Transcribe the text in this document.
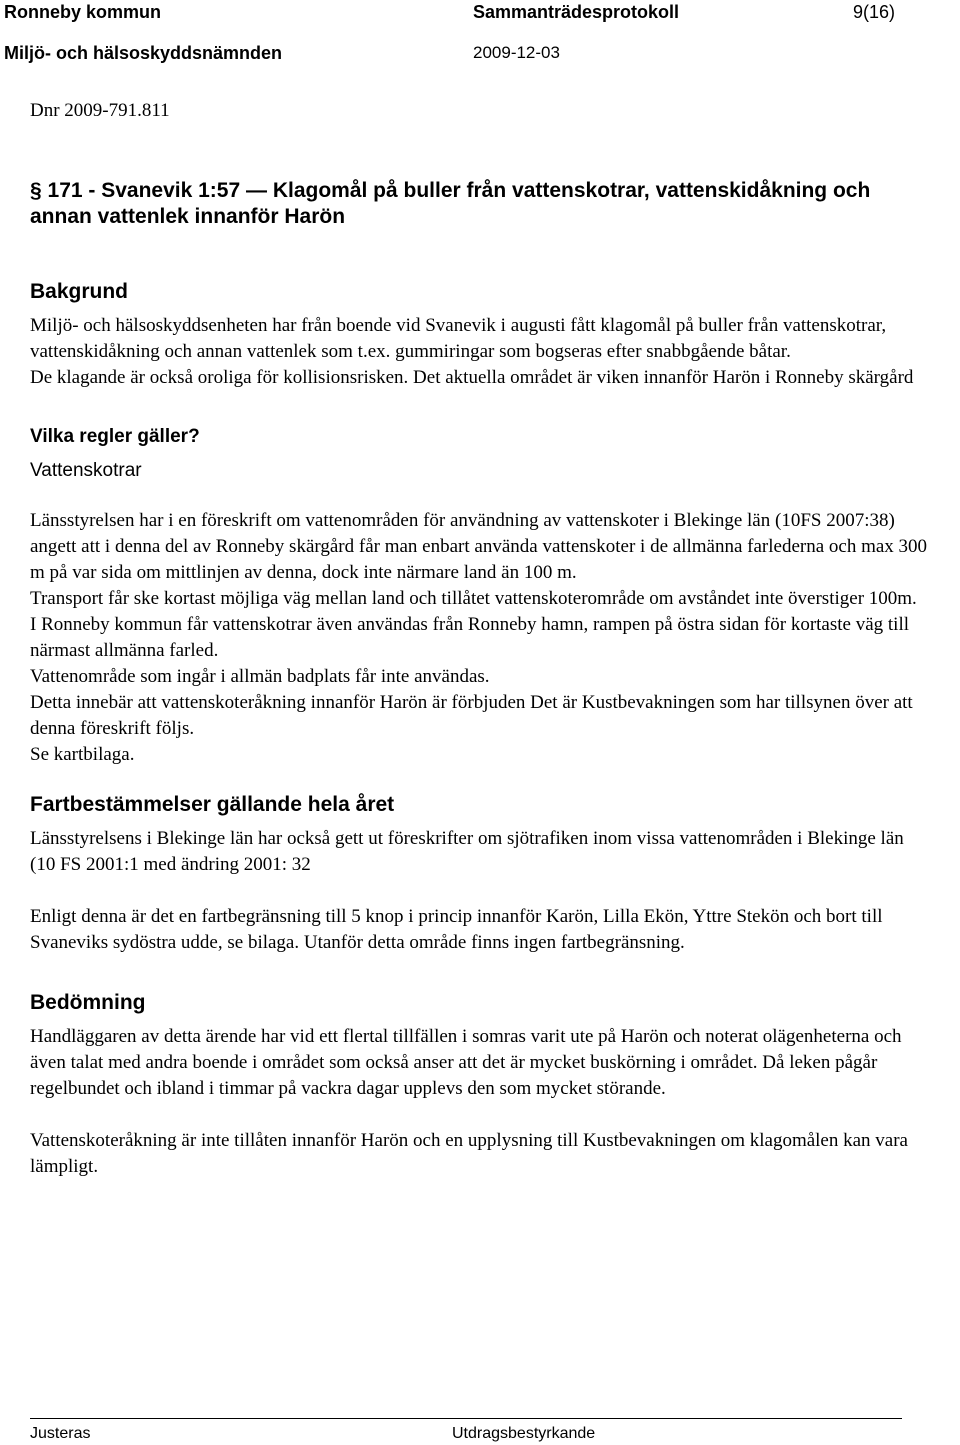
Ronneby kommun	Sammanträdesprotokoll	9(16)
Miljö- och hälsoskyddsnämnden	2009-12-03
Dnr 2009-791.811
§ 171 - Svanevik 1:57 — Klagomål på buller från vattenskotrar, vattenskidåkning och annan vattenlek innanför Harön
Bakgrund

Miljö- och hälsoskyddsenheten har från boende vid Svanevik i augusti fått klagomål på buller från vattenskotrar, vattenskidåkning och annan vattenlek som t.ex. gummiringar som bogseras efter snabbgående båtar.

De klagande är också oroliga för kollisionsrisken. Det aktuella området är viken innanför Harön i Ronneby skärgård

Vilka regler gäller?
Vattenskotrar

Länsstyrelsen har i en föreskrift om vattenområden för användning av vattenskoter i Blekinge län (10FS 2007:38) angett att i denna del av Ronneby skärgård får man enbart använda vattenskoter i de allmänna farlederna och max 300 m på var sida om mittlinjen av denna, dock inte närmare land än 100 m.

Transport får ske kortast möjliga väg mellan land och tillåtet vattenskoterområde om avståndet inte överstiger 100m.

I Ronneby kommun får vattenskotrar även användas från Ronneby hamn, rampen på östra sidan för kortaste väg till närmast allmänna farled.

Vattenområde som ingår i allmän badplats får inte användas.

Detta innebär att vattenskoteråkning innanför Harön är förbjuden Det är Kustbevakningen som har tillsynen över att denna föreskrift följs.

Se kartbilaga.

Fartbestämmelser gällande hela året

Länsstyrelsens i Blekinge län har också gett ut föreskrifter om sjötrafiken inom vissa vattenområden i Blekinge län (10 FS 2001:1 med ändring 2001: 32

Enligt denna är det en fartbegränsning till 5 knop i princip innanför Karön, Lilla Ekön, Yttre Stekön och bort till Svaneviks sydöstra udde, se bilaga. Utanför detta område finns ingen fartbegränsning.

Bedömning

Handläggaren av detta ärende har vid ett flertal tillfällen i somras varit ute på Harön och noterat olägenheterna och även talat med andra boende i området som också anser att det är mycket buskörning i området. Då leken pågår regelbundet och ibland i timmar på vackra dagar upplevs den som mycket störande.

Vattenskoteråkning är inte tillåten innanför Harön och en upplysning till Kustbevakningen om klagomålen kan vara lämpligt.

Justeras	Utdragsbestyrkande
